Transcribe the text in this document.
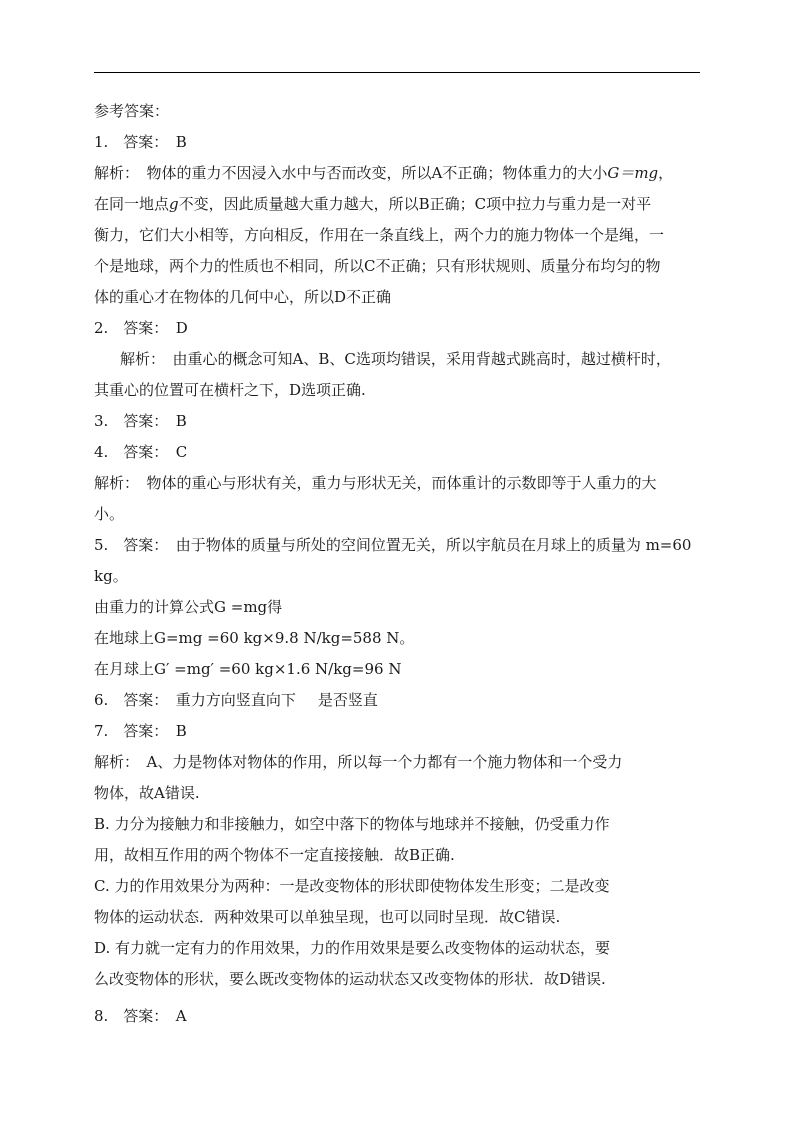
参考答案：
1.　答案：　B
解析：　物体的重力不因浸入水中与否而改变，所以A不正确；物体重力的大小G＝mg，
在同一地点g不变，因此质量越大重力越大，所以B正确；C项中拉力与重力是一对平
衡力，它们大小相等，方向相反，作用在一条直线上，两个力的施力物体一个是绳，一
个是地球，两个力的性质也不相同，所以C不正确；只有形状规则、质量分布均匀的物
体的重心才在物体的几何中心，所以D不正确
2.　答案：　D
解析：　由重心的概念可知A、B、C选项均错误，采用背越式跳高时，越过横杆时，
其重心的位置可在横杆之下，D选项正确.
3.　答案：　B
4.　答案：　C
解析：　物体的重心与形状有关，重力与形状无关，而体重计的示数即等于人重力的大
小。
5.　答案：　由于物体的质量与所处的空间位置无关，所以宇航员在月球上的质量为 m=60
kg。
由重力的计算公式G =mg得
在地球上G=mg =60 kg×9.8 N/kg=588 N。
在月球上G′ =mg′ =60 kg×1.6 N/kg=96 N
6.　答案：　重力方向竖直向下 是否竖直
7.　答案：　B
解析：　A、力是物体对物体的作用，所以每一个力都有一个施力物体和一个受力
物体，故A错误.
B. 力分为接触力和非接触力，如空中落下的物体与地球并不接触，仍受重力作
用，故相互作用的两个物体不一定直接接触．故B正确.
C. 力的作用效果分为两种：一是改变物体的形状即使物体发生形变；二是改变
物体的运动状态．两种效果可以单独呈现，也可以同时呈现．故C错误.
D. 有力就一定有力的作用效果，力的作用效果是要么改变物体的运动状态，要
么改变物体的形状，要么既改变物体的运动状态又改变物体的形状．故D错误.
8.　答案：　A
